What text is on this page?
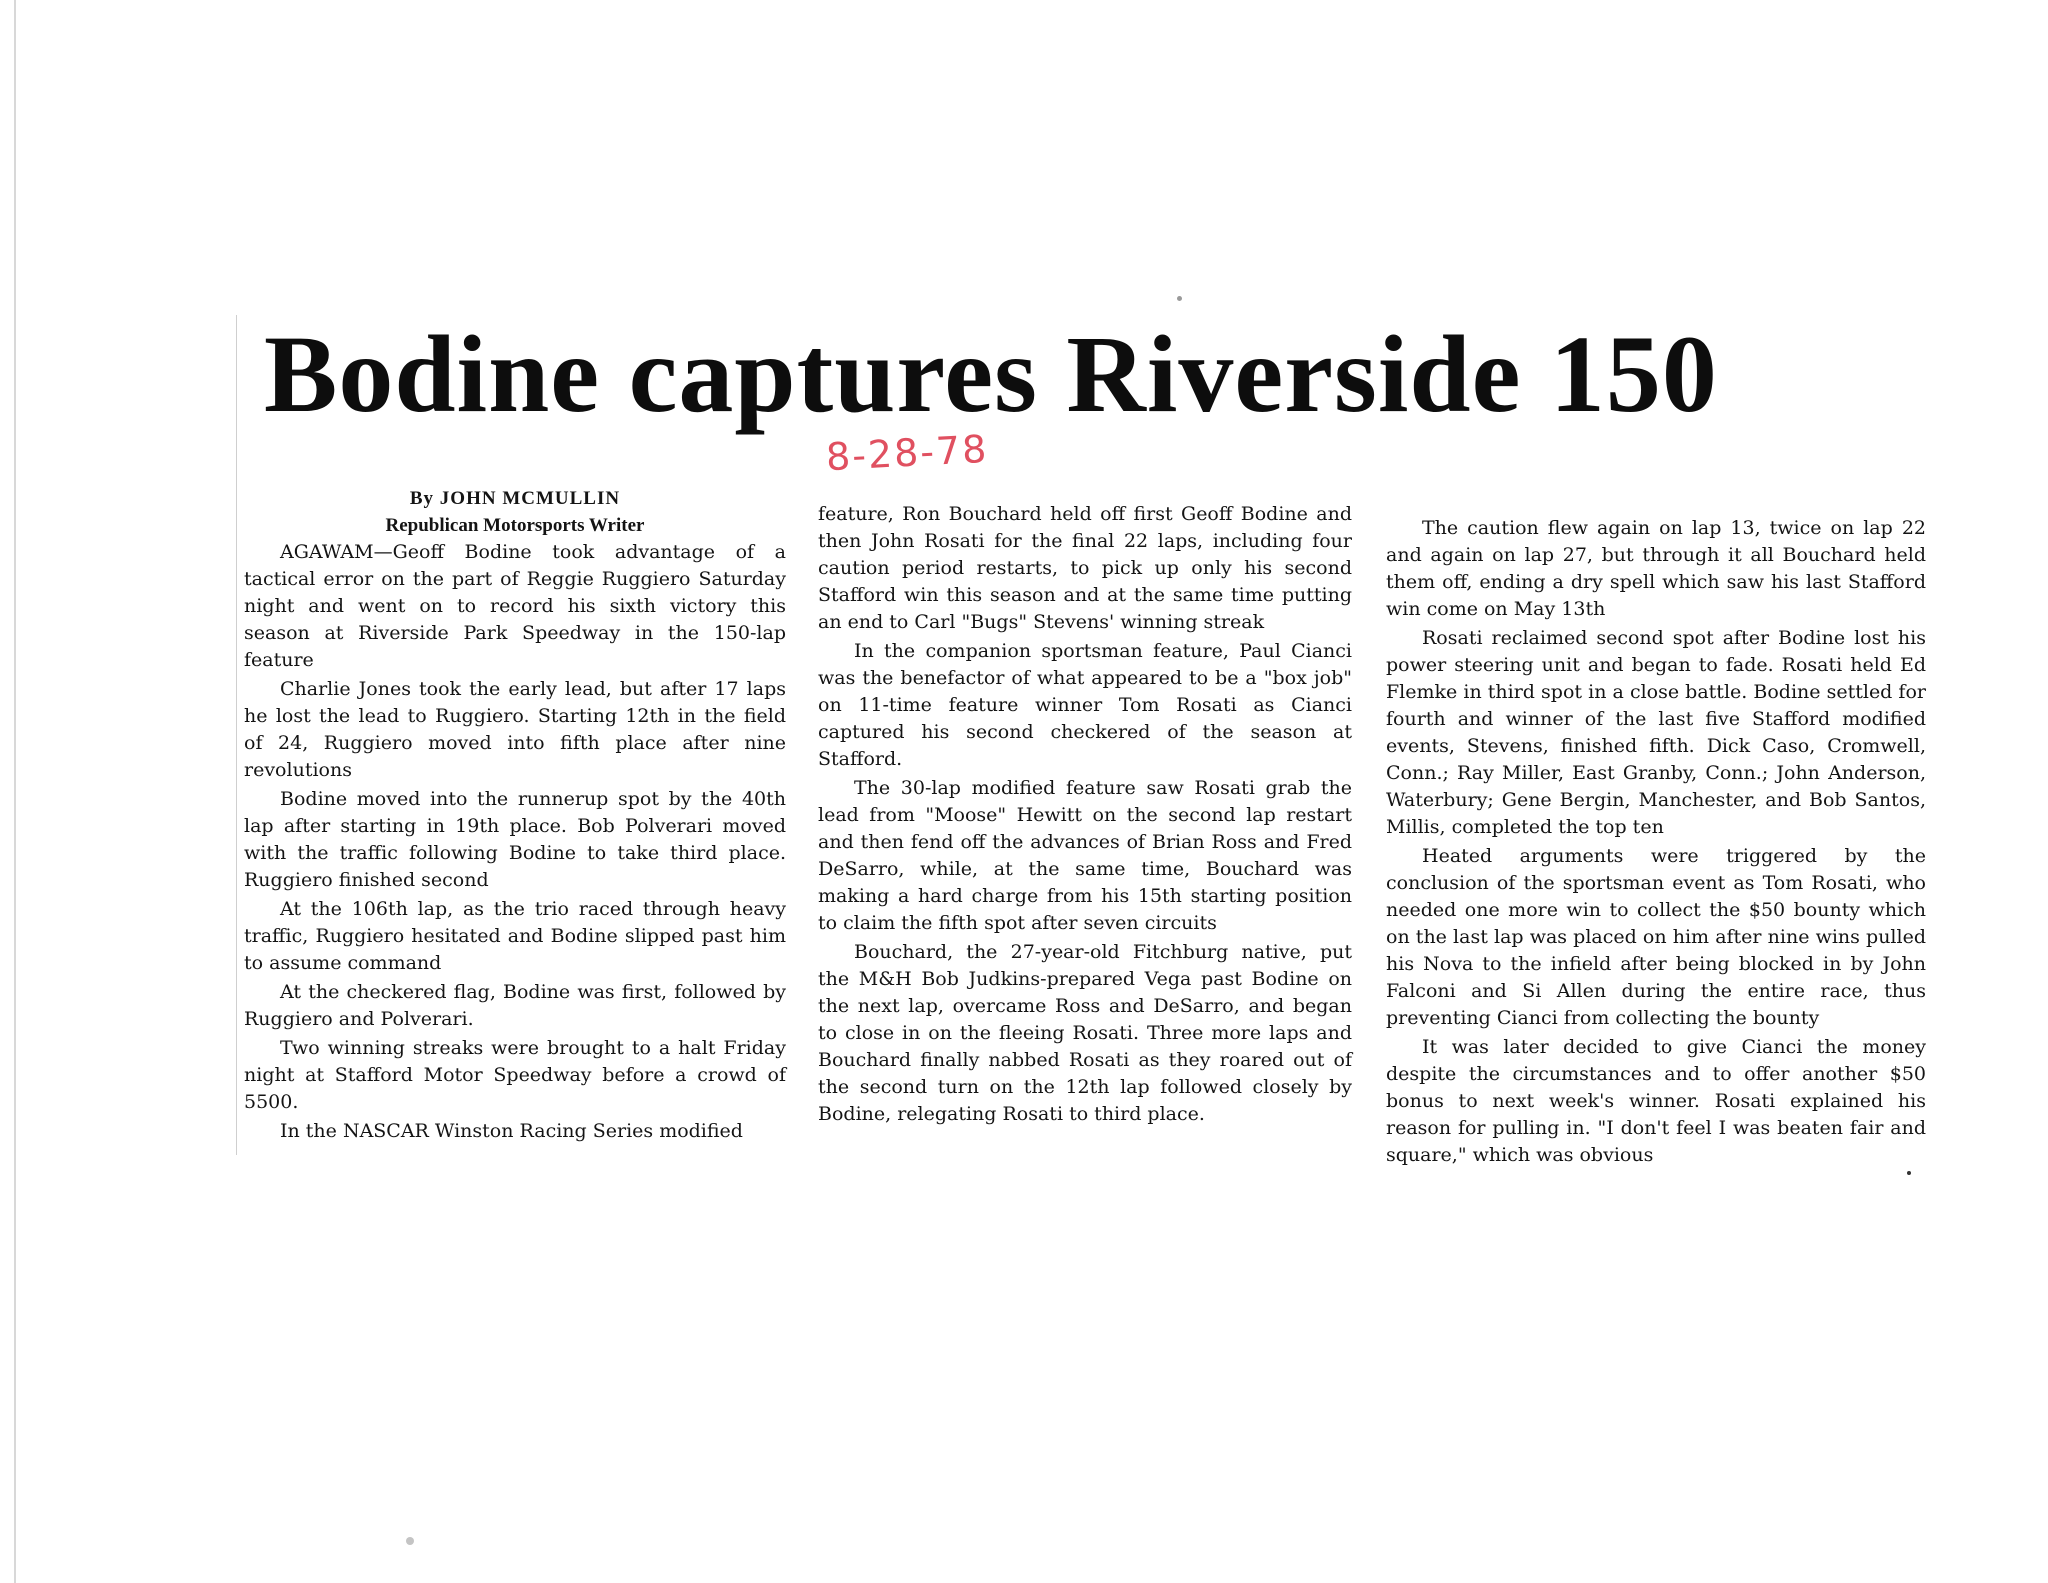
Bodine captures Riverside 150
8-28-78
By JOHN MCMULLIN
Republican Motorsports Writer

AGAWAM—Geoff Bodine took advantage of a tactical error on the part of Reggie Ruggiero Saturday night and went on to record his sixth victory this season at Riverside Park Speedway in the 150-lap feature

Charlie Jones took the early lead, but after 17 laps he lost the lead to Ruggiero. Starting 12th in the field of 24, Ruggiero moved into fifth place after nine revolutions

Bodine moved into the runnerup spot by the 40th lap after starting in 19th place. Bob Polverari moved with the traffic following Bodine to take third place. Ruggiero finished second

At the 106th lap, as the trio raced through heavy traffic, Ruggiero hesitated and Bodine slipped past him to assume command

At the checkered flag, Bodine was first, followed by Ruggiero and Polverari.

Two winning streaks were brought to a halt Friday night at Stafford Motor Speedway before a crowd of 5500.

In the NASCAR Winston Racing Series modified

feature, Ron Bouchard held off first Geoff Bodine and then John Rosati for the final 22 laps, including four caution period restarts, to pick up only his second Stafford win this season and at the same time putting an end to Carl "Bugs" Stevens' winning streak

In the companion sportsman feature, Paul Cianci was the benefactor of what appeared to be a "box job" on 11-time feature winner Tom Rosati as Cianci captured his second checkered of the season at Stafford.

The 30-lap modified feature saw Rosati grab the lead from "Moose" Hewitt on the second lap restart and then fend off the advances of Brian Ross and Fred DeSarro, while, at the same time, Bouchard was making a hard charge from his 15th starting position to claim the fifth spot after seven circuits

Bouchard, the 27-year-old Fitchburg native, put the M&H Bob Judkins-prepared Vega past Bodine on the next lap, overcame Ross and DeSarro, and began to close in on the fleeing Rosati. Three more laps and Bouchard finally nabbed Rosati as they roared out of the second turn on the 12th lap followed closely by Bodine, relegating Rosati to third place.

The caution flew again on lap 13, twice on lap 22 and again on lap 27, but through it all Bouchard held them off, ending a dry spell which saw his last Stafford win come on May 13th

Rosati reclaimed second spot after Bodine lost his power steering unit and began to fade. Rosati held Ed Flemke in third spot in a close battle. Bodine settled for fourth and winner of the last five Stafford modified events, Stevens, finished fifth. Dick Caso, Cromwell, Conn.; Ray Miller, East Granby, Conn.; John Anderson, Waterbury; Gene Bergin, Manchester, and Bob Santos, Millis, completed the top ten

Heated arguments were triggered by the conclusion of the sportsman event as Tom Rosati, who needed one more win to collect the $50 bounty which on the last lap was placed on him after nine wins pulled his Nova to the infield after being blocked in by John Falconi and Si Allen during the entire race, thus preventing Cianci from collecting the bounty

It was later decided to give Cianci the money despite the circumstances and to offer another $50 bonus to next week's winner. Rosati explained his reason for pulling in. "I don't feel I was beaten fair and square," which was obvious
